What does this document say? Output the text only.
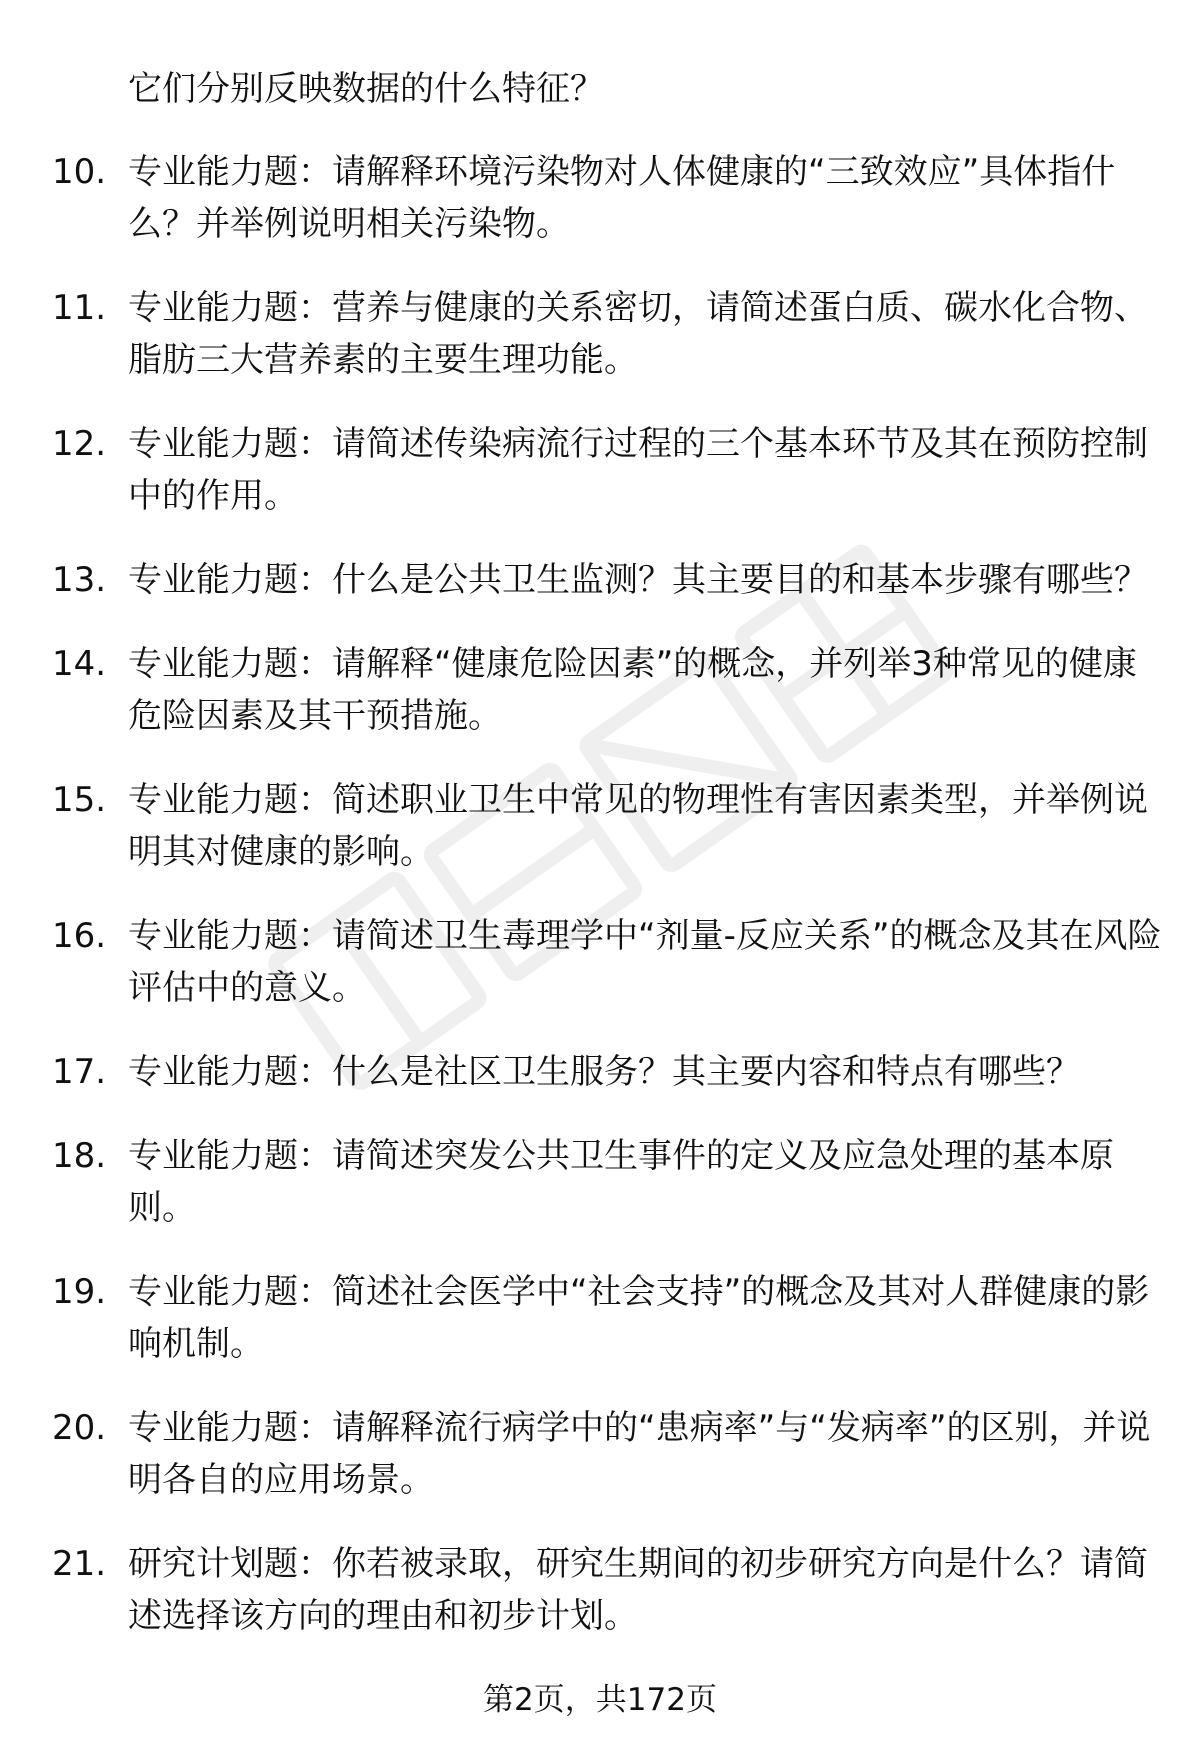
它们分别反映数据的什么特征？
10. 专业能力题：请解释环境污染物对人体健康的“三致效应”具体指什么？并举例说明相关污染物。
11. 专业能力题：营养与健康的关系密切，请简述蛋白质、碳水化合物、脂肪三大营养素的主要生理功能。
12. 专业能力题：请简述传染病流行过程的三个基本环节及其在预防控制中的作用。
13. 专业能力题：什么是公共卫生监测？其主要目的和基本步骤有哪些？
14. 专业能力题：请解释“健康危险因素”的概念，并列举3种常见的健康危险因素及其干预措施。
15. 专业能力题：简述职业卫生中常见的物理性有害因素类型，并举例说明其对健康的影响。
16. 专业能力题：请简述卫生毒理学中“剂量-反应关系”的概念及其在风险评估中的意义。
17. 专业能力题：什么是社区卫生服务？其主要内容和特点有哪些？
18. 专业能力题：请简述突发公共卫生事件的定义及应急处理的基本原则。
19. 专业能力题：简述社会医学中“社会支持”的概念及其对人群健康的影响机制。
20. 专业能力题：请解释流行病学中的“患病率”与“发病率”的区别，并说明各自的应用场景。
21. 研究计划题：你若被录取，研究生期间的初步研究方向是什么？请简述选择该方向的理由和初步计划。
第2页，共172页
